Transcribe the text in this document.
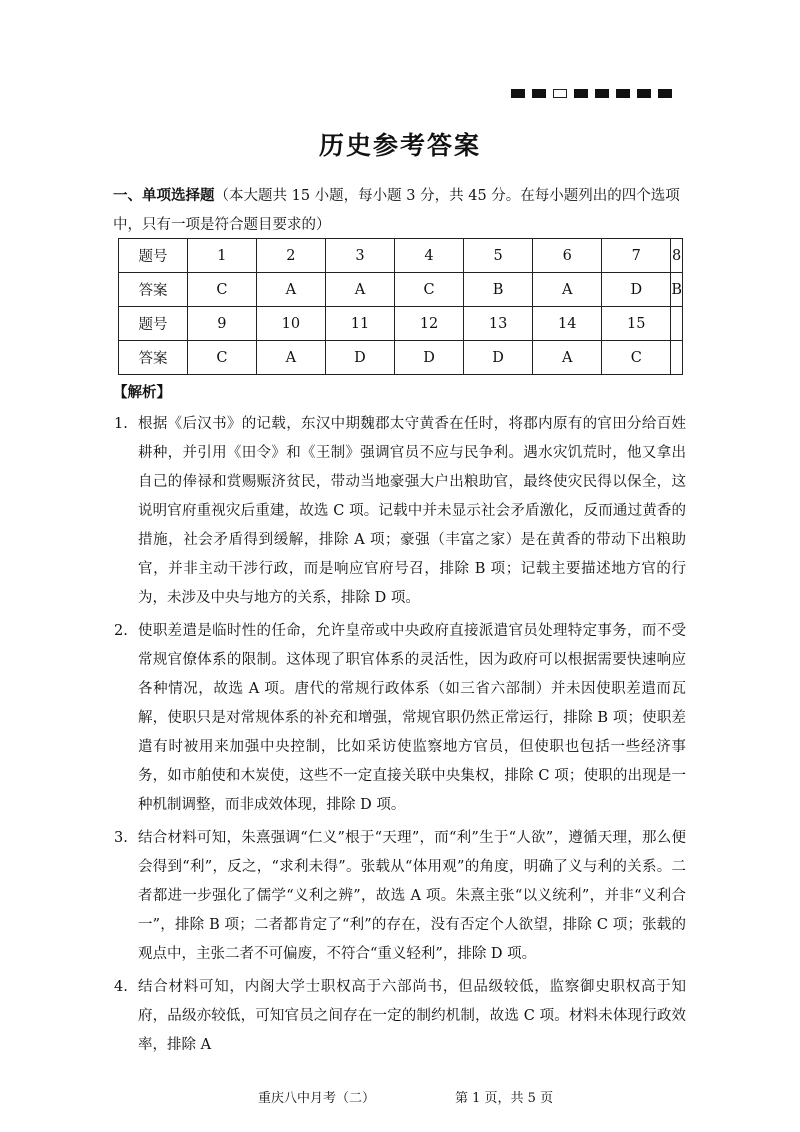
历史参考答案
一、单项选择题（本大题共 15 小题，每小题 3 分，共 45 分。在每小题列出的四个选项中，只有一项是符合题目要求的）
题号	1	2	3	4	5	6	7	8
答案	C	A	A	C	B	A	D	B
题号	9	10	11	12	13	14	15	
答案	C	A	D	D	D	A	C	
【解析】
1. 根据《后汉书》的记载，东汉中期魏郡太守黄香在任时，将郡内原有的官田分给百姓耕种，并引用《田令》和《王制》强调官员不应与民争利。遇水灾饥荒时，他又拿出自己的俸禄和赏赐赈济贫民，带动当地豪强大户出粮助官，最终使灾民得以保全，这说明官府重视灾后重建，故选 C 项。记载中并未显示社会矛盾激化，反而通过黄香的措施，社会矛盾得到缓解，排除 A 项；豪强（丰富之家）是在黄香的带动下出粮助官，并非主动干涉行政，而是响应官府号召，排除 B 项；记载主要描述地方官的行为，未涉及中央与地方的关系，排除 D 项。
2. 使职差遣是临时性的任命，允许皇帝或中央政府直接派遣官员处理特定事务，而不受常规官僚体系的限制。这体现了职官体系的灵活性，因为政府可以根据需要快速响应各种情况，故选 A 项。唐代的常规行政体系（如三省六部制）并未因使职差遣而瓦解，使职只是对常规体系的补充和增强，常规官职仍然正常运行，排除 B 项；使职差遣有时被用来加强中央控制，比如采访使监察地方官员，但使职也包括一些经济事务，如市舶使和木炭使，这些不一定直接关联中央集权，排除 C 项；使职的出现是一种机制调整，而非成效体现，排除 D 项。
3. 结合材料可知，朱熹强调“仁义”根于“天理”，而“利”生于“人欲”，遵循天理，那么便会得到“利”，反之，“求利未得”。张载从“体用观”的角度，明确了义与利的关系。二者都进一步强化了儒学“义利之辨”，故选 A 项。朱熹主张“以义统利”，并非“义利合一”，排除 B 项；二者都肯定了“利”的存在，没有否定个人欲望，排除 C 项；张载的观点中，主张二者不可偏废，不符合“重义轻利”，排除 D 项。
4. 结合材料可知，内阁大学士职权高于六部尚书，但品级较低，监察御史职权高于知府，品级亦较低，可知官员之间存在一定的制约机制，故选 C 项。材料未体现行政效率，排除 A
重庆八中月考（二）	第 1 页，共 5 页
